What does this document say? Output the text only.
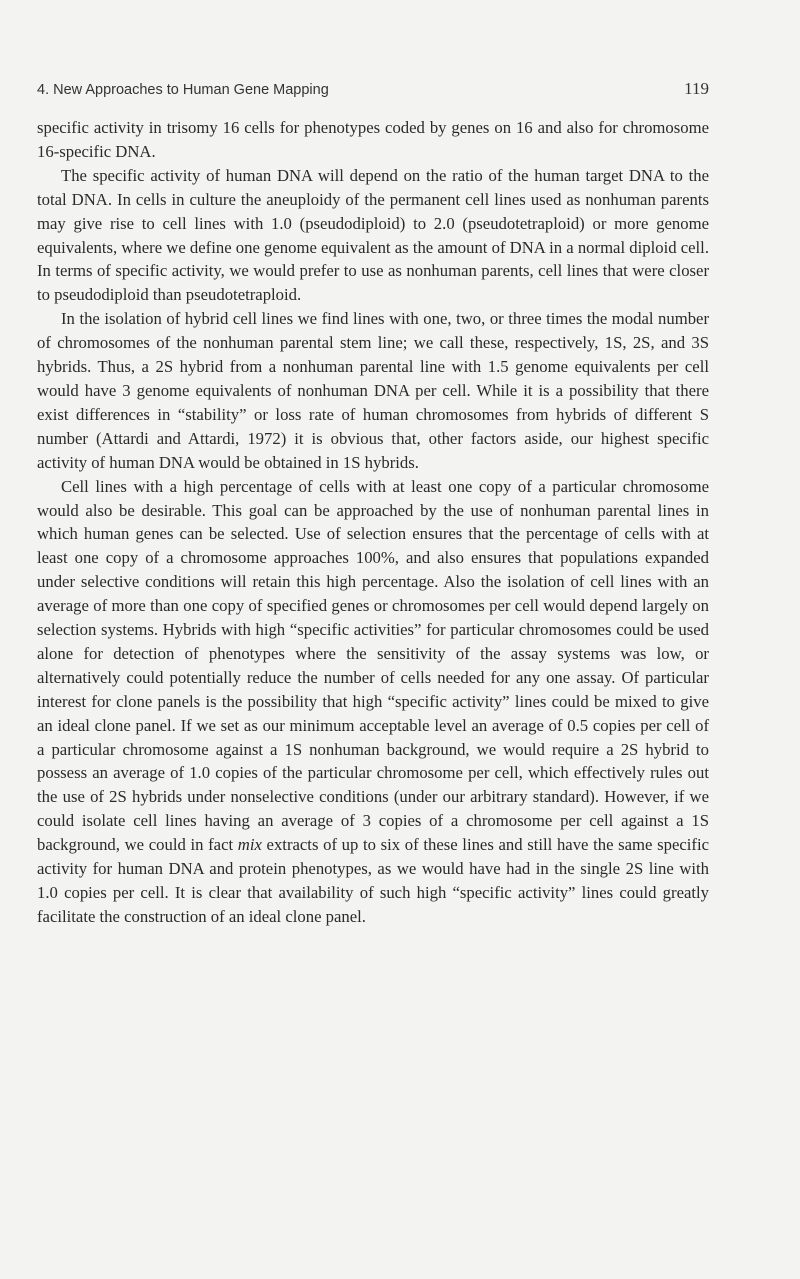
4. New Approaches to Human Gene Mapping	119

specific activity in trisomy 16 cells for phenotypes coded by genes on 16 and also for chromosome 16-specific DNA.

The specific activity of human DNA will depend on the ratio of the human target DNA to the total DNA. In cells in culture the aneuploidy of the permanent cell lines used as nonhuman parents may give rise to cell lines with 1.0 (pseudodiploid) to 2.0 (pseudotetraploid) or more genome equivalents, where we define one genome equivalent as the amount of DNA in a normal diploid cell. In terms of specific activity, we would prefer to use as nonhuman parents, cell lines that were closer to pseudodiploid than pseudotetraploid.

In the isolation of hybrid cell lines we find lines with one, two, or three times the modal number of chromosomes of the nonhuman parental stem line; we call these, respectively, 1S, 2S, and 3S hybrids. Thus, a 2S hybrid from a nonhuman parental line with 1.5 genome equivalents per cell would have 3 genome equivalents of nonhuman DNA per cell. While it is a possibility that there exist differences in “stability” or loss rate of human chromosomes from hybrids of different S number (Attardi and Attardi, 1972) it is obvious that, other factors aside, our highest specific activity of human DNA would be obtained in 1S hybrids.

Cell lines with a high percentage of cells with at least one copy of a particular chromosome would also be desirable. This goal can be approached by the use of nonhuman parental lines in which human genes can be selected. Use of selection ensures that the percentage of cells with at least one copy of a chromosome approaches 100%, and also ensures that populations expanded under selective conditions will retain this high percentage. Also the isolation of cell lines with an average of more than one copy of specified genes or chromosomes per cell would depend largely on selection systems. Hybrids with high “specific activities” for particular chromosomes could be used alone for detection of phenotypes where the sensitivity of the assay systems was low, or alternatively could potentially reduce the number of cells needed for any one assay. Of particular interest for clone panels is the possibility that high “specific activity” lines could be mixed to give an ideal clone panel. If we set as our minimum acceptable level an average of 0.5 copies per cell of a particular chromosome against a 1S nonhuman background, we would require a 2S hybrid to possess an average of 1.0 copies of the particular chromosome per cell, which effectively rules out the use of 2S hybrids under nonselective conditions (under our arbitrary standard). However, if we could isolate cell lines having an average of 3 copies of a chromosome per cell against a 1S background, we could in fact mix extracts of up to six of these lines and still have the same specific activity for human DNA and protein phenotypes, as we would have had in the single 2S line with 1.0 copies per cell. It is clear that availability of such high “specific activity” lines could greatly facilitate the construction of an ideal clone panel.
